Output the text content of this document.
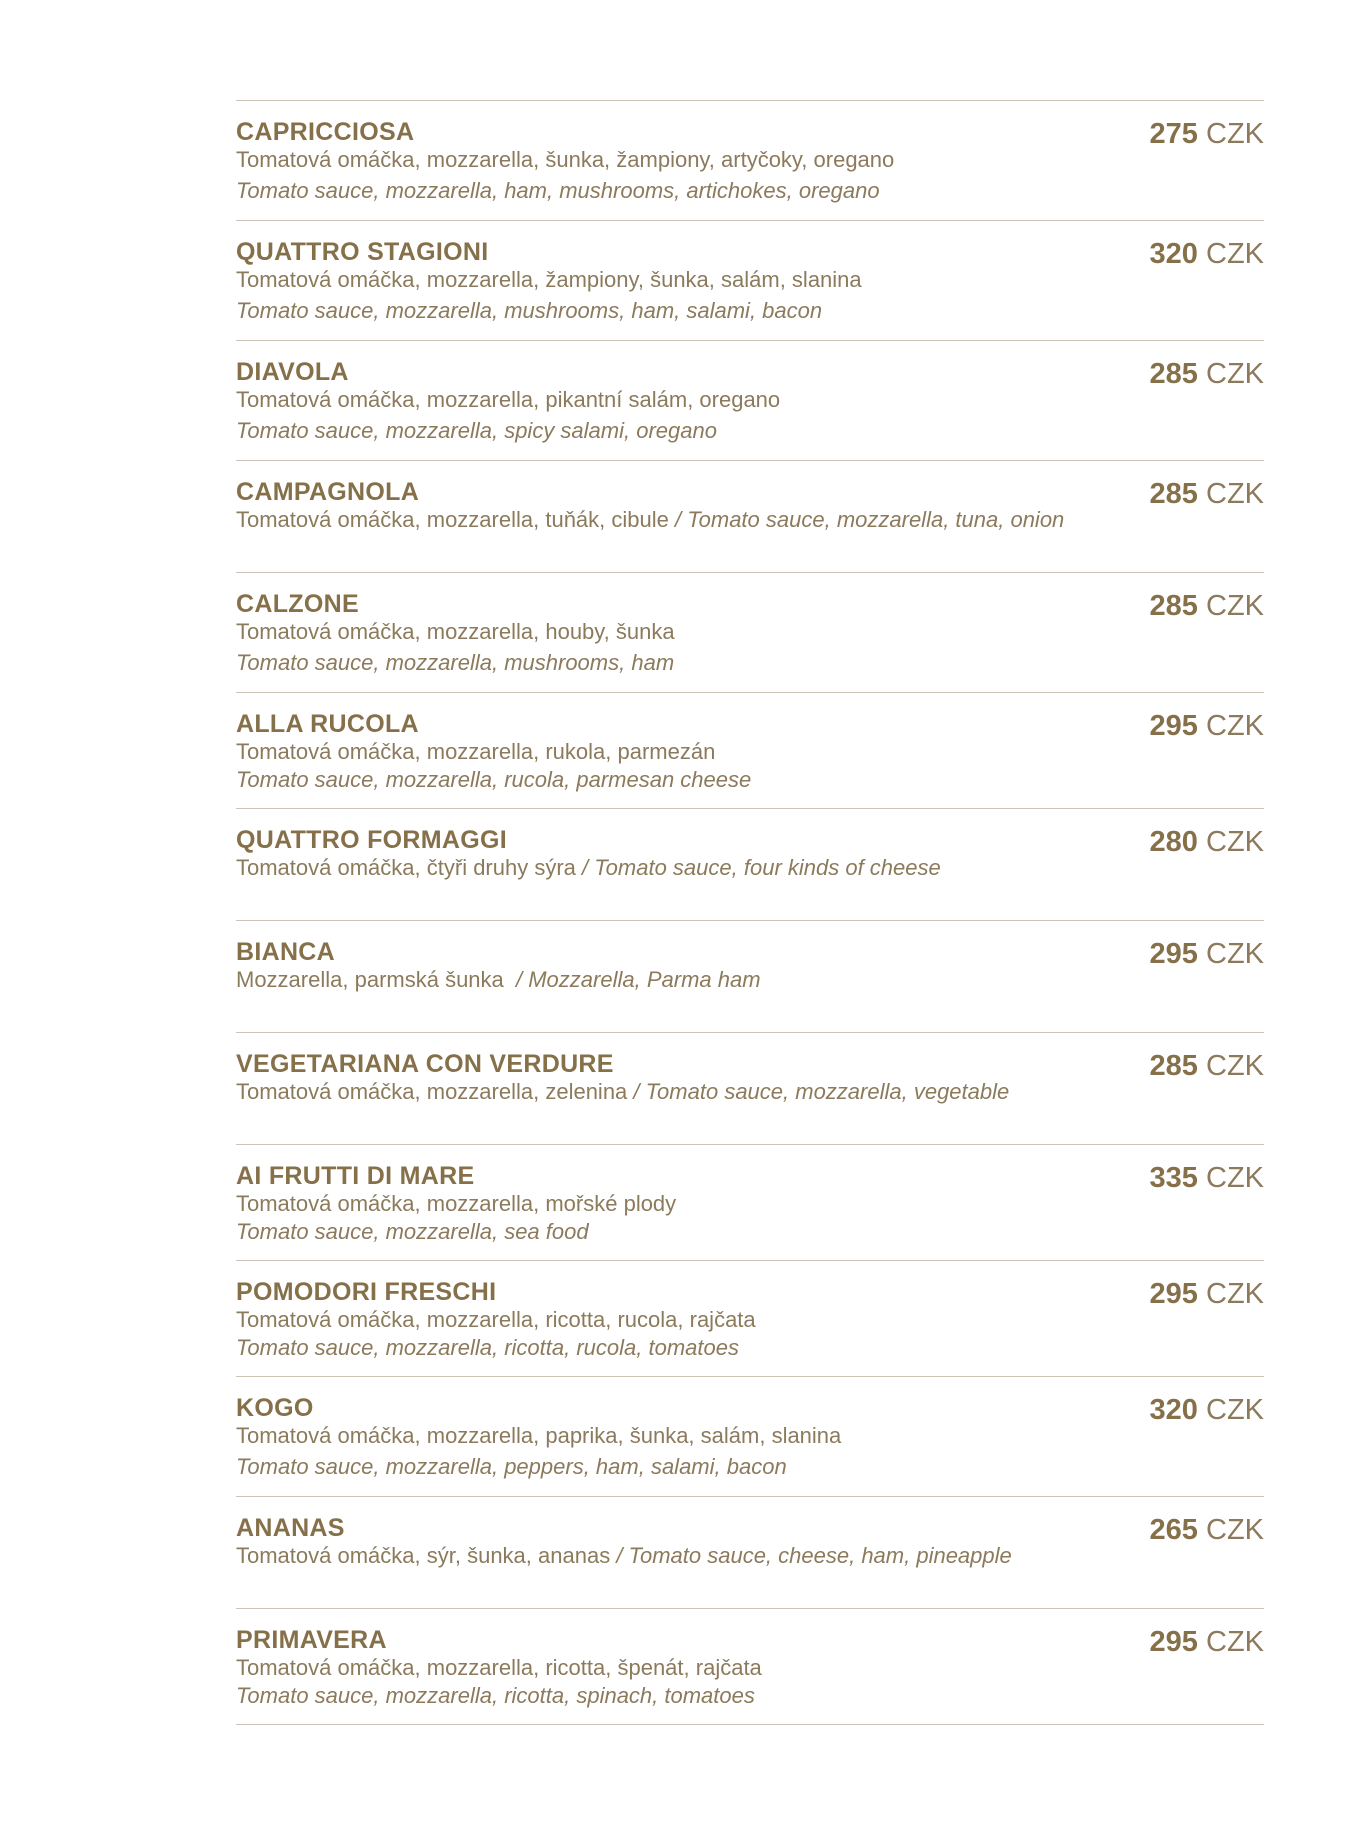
CAPRICCIOSA
Tomatová omáčka, mozzarella, šunka, žampiony, artyčoky, oregano
Tomato sauce, mozzarella, ham, mushrooms, artichokes, oregano
275 CZK
QUATTRO STAGIONI
Tomatová omáčka, mozzarella, žampiony, šunka, salám, slanina
Tomato sauce, mozzarella, mushrooms, ham, salami, bacon
320 CZK
DIAVOLA
Tomatová omáčka, mozzarella, pikantní salám, oregano
Tomato sauce, mozzarella, spicy salami, oregano
285 CZK
CAMPAGNOLA
Tomatová omáčka, mozzarella, tuňák, cibule / Tomato sauce, mozzarella, tuna, onion
285 CZK
CALZONE
Tomatová omáčka, mozzarella, houby, šunka
Tomato sauce, mozzarella, mushrooms, ham
285 CZK
ALLA RUCOLA
Tomatová omáčka, mozzarella, rukola, parmezán
Tomato sauce, mozzarella, rucola, parmesan cheese
295 CZK
QUATTRO FORMAGGI
Tomatová omáčka, čtyři druhy sýra / Tomato sauce, four kinds of cheese
280 CZK
BIANCA
Mozzarella, parmská šunka  / Mozzarella, Parma ham
295 CZK
VEGETARIANA CON VERDURE
Tomatová omáčka, mozzarella, zelenina / Tomato sauce, mozzarella, vegetable
285 CZK
AI FRUTTI DI MARE
Tomatová omáčka, mozzarella, mořské plody
Tomato sauce, mozzarella, sea food
335 CZK
POMODORI FRESCHI
Tomatová omáčka, mozzarella, ricotta, rucola, rajčata
Tomato sauce, mozzarella, ricotta, rucola, tomatoes
295 CZK
KOGO
Tomatová omáčka, mozzarella, paprika, šunka, salám, slanina
Tomato sauce, mozzarella, peppers, ham, salami, bacon
320 CZK
ANANAS
Tomatová omáčka, sýr, šunka, ananas / Tomato sauce, cheese, ham, pineapple
265 CZK
PRIMAVERA
Tomatová omáčka, mozzarella, ricotta, špenát, rajčata
Tomato sauce, mozzarella, ricotta, spinach, tomatoes
295 CZK
